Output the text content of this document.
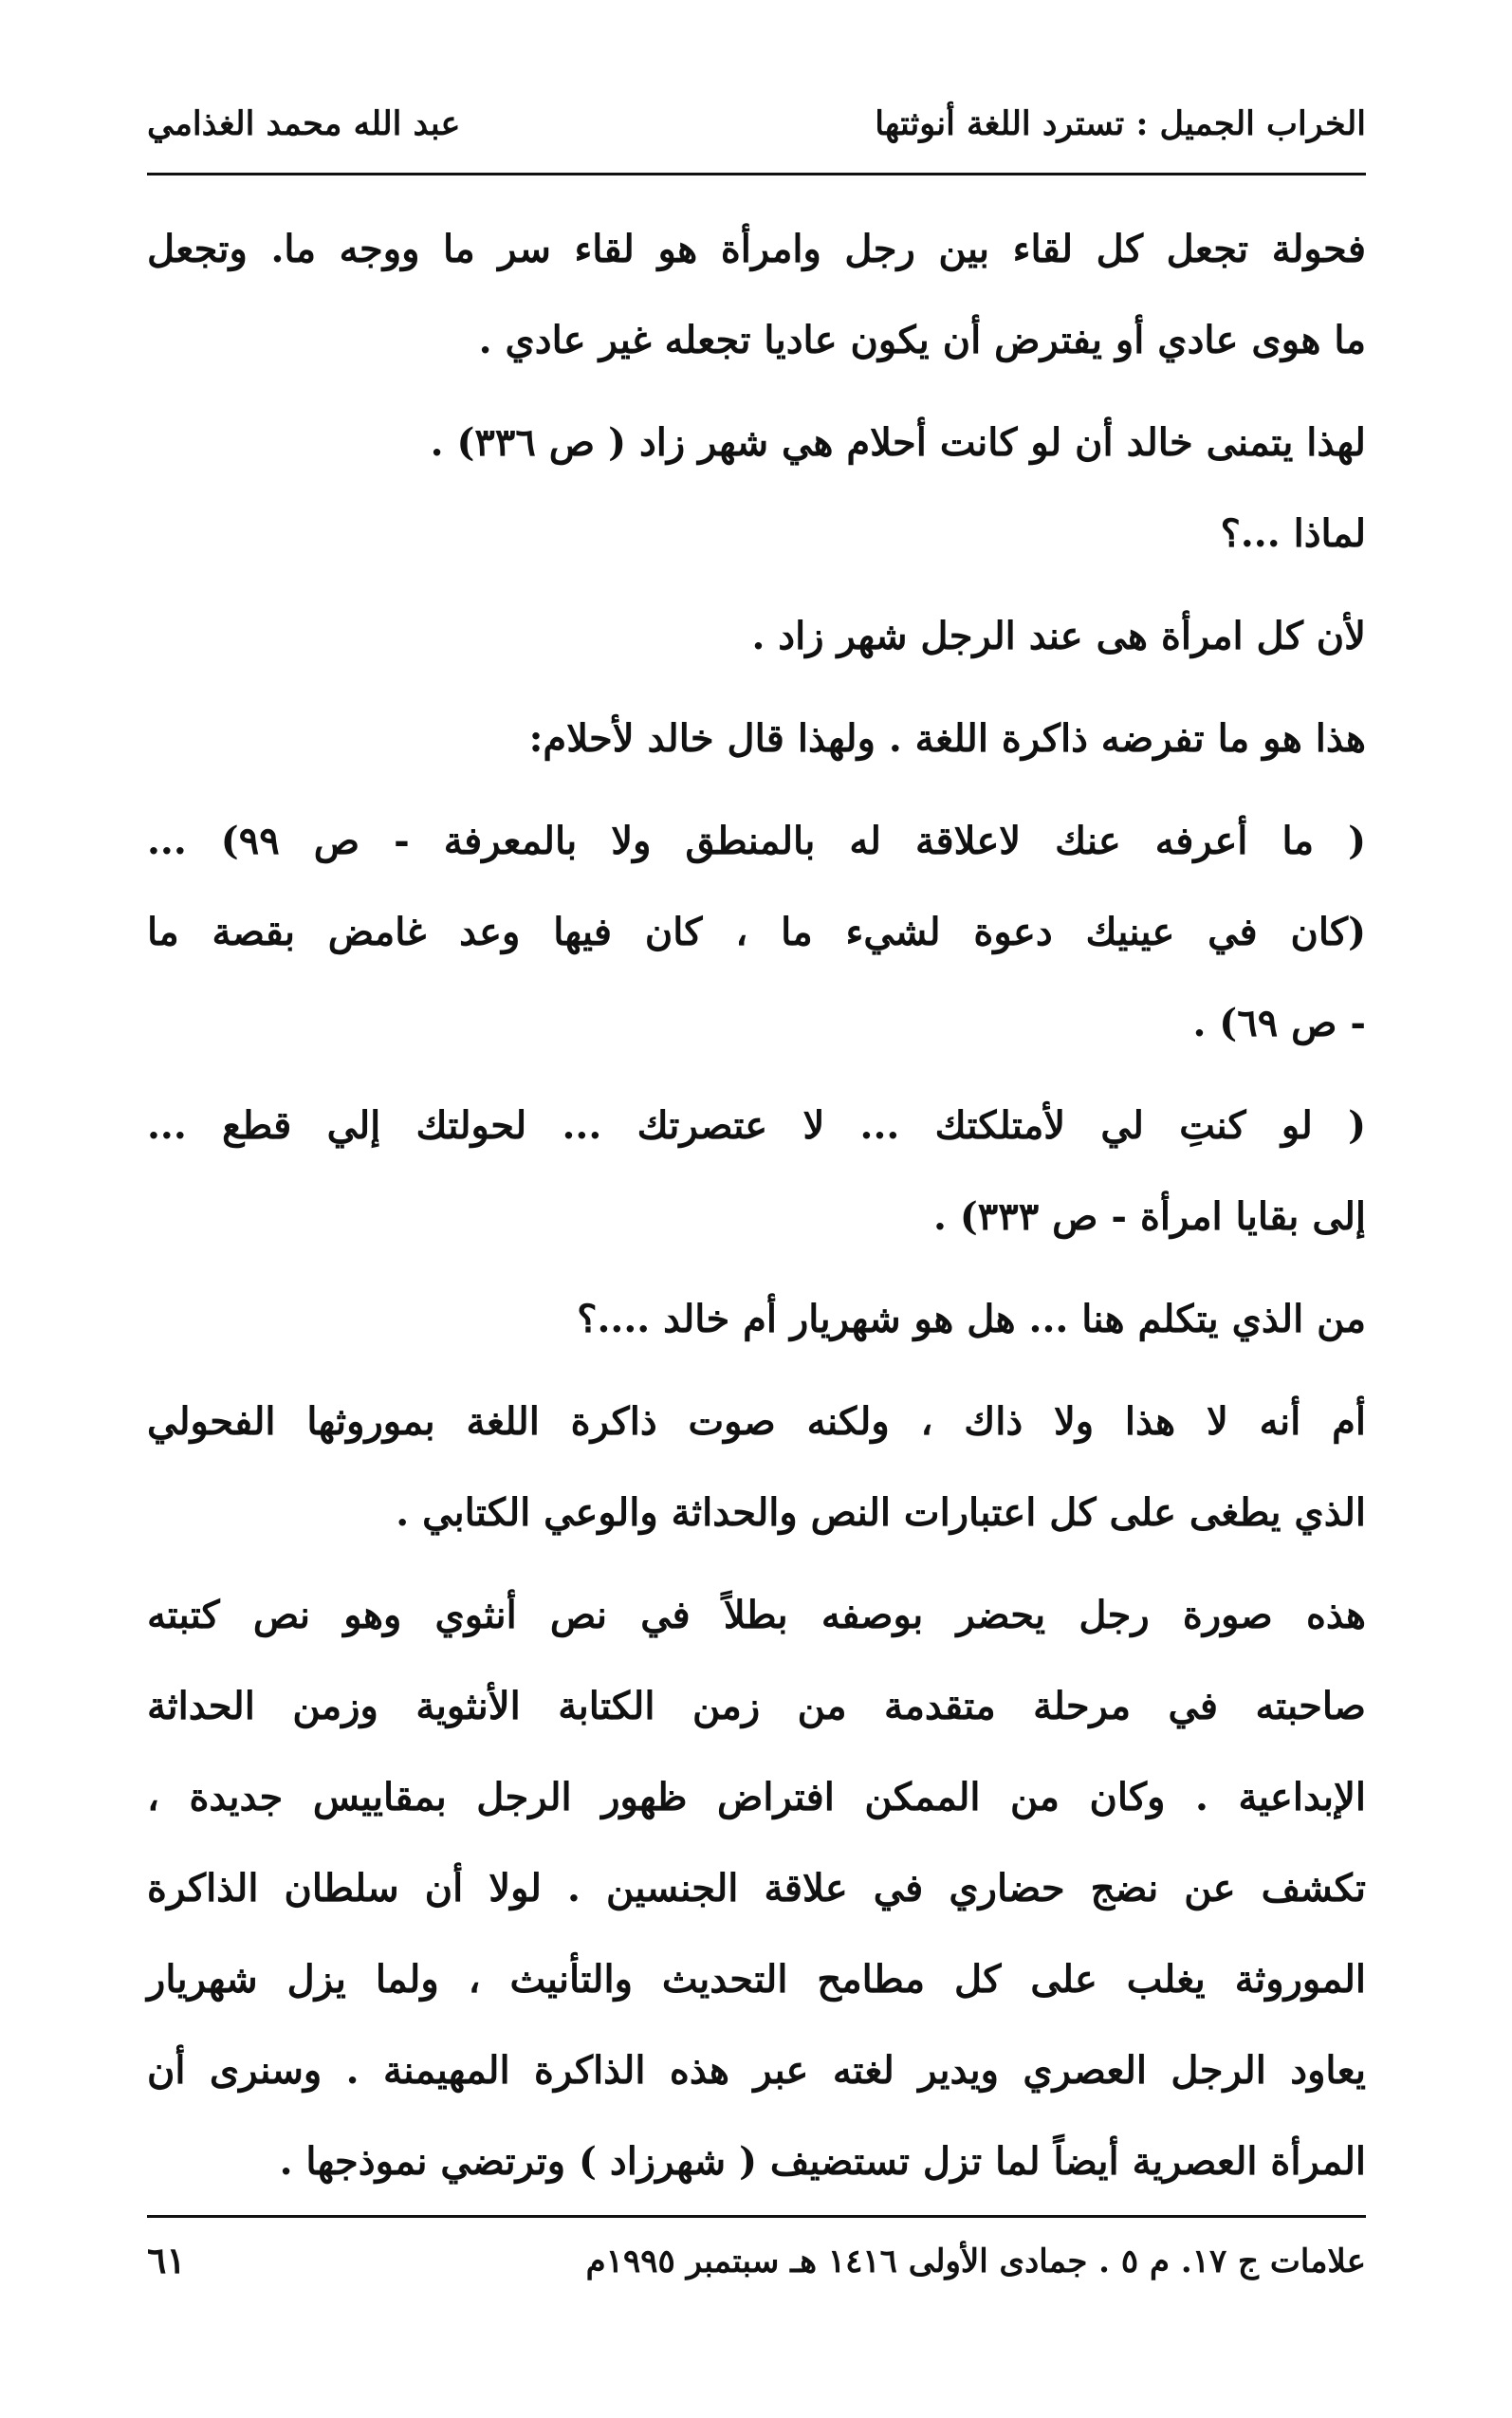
الخراب الجميل : تسترد اللغة أنوثتها
عبد الله محمد الغذامي
فحولة تجعل كل لقاء بين رجل وامرأة هو لقاء سر ما ووجه ما. وتجعل
ما هوى عادي أو يفترض أن يكون عاديا تجعله غير عادي .
لهذا يتمنى خالد أن لو كانت أحلام هي شهر زاد ( ص ٣٣٦) .
لماذا ...؟
لأن كل امرأة هى عند الرجل شهر زاد .
هذا هو ما تفرضه ذاكرة اللغة . ولهذا قال خالد لأحلام:
( ما أعرفه عنك لاعلاقة له بالمنطق ولا بالمعرفة - ص ٩٩) ...
(كان في عينيك دعوة لشيء ما ، كان فيها وعد غامض بقصة ما
- ص ٦٩) .
( لو كنتِ لي لأمتلكتك ... لا عتصرتك ... لحولتك إلي قطع ...
إلى بقايا امرأة - ص ٣٣٣) .
من الذي يتكلم هنا ... هل هو شهريار أم خالد ....؟
أم أنه لا هذا ولا ذاك ، ولكنه صوت ذاكرة اللغة بموروثها الفحولي
الذي يطغى على كل اعتبارات النص والحداثة والوعي الكتابي .
هذه صورة رجل يحضر بوصفه بطلاً في نص أنثوي وهو نص كتبته
صاحبته في مرحلة متقدمة من زمن الكتابة الأنثوية وزمن الحداثة
الإبداعية . وكان من الممكن افتراض ظهور الرجل بمقاييس جديدة ،
تكشف عن نضج حضاري في علاقة الجنسين . لولا أن سلطان الذاكرة
الموروثة يغلب على كل مطامح التحديث والتأنيث ، ولما يزل شهريار
يعاود الرجل العصري ويدير لغته عبر هذه الذاكرة المهيمنة . وسنرى أن
المرأة العصرية أيضاً لما تزل تستضيف ( شهرزاد ) وترتضي نموذجها .
٦١	علامات ج ١٧. م ٥ . جمادى الأولى ١٤١٦ هـ سبتمبر ١٩٩٥م
